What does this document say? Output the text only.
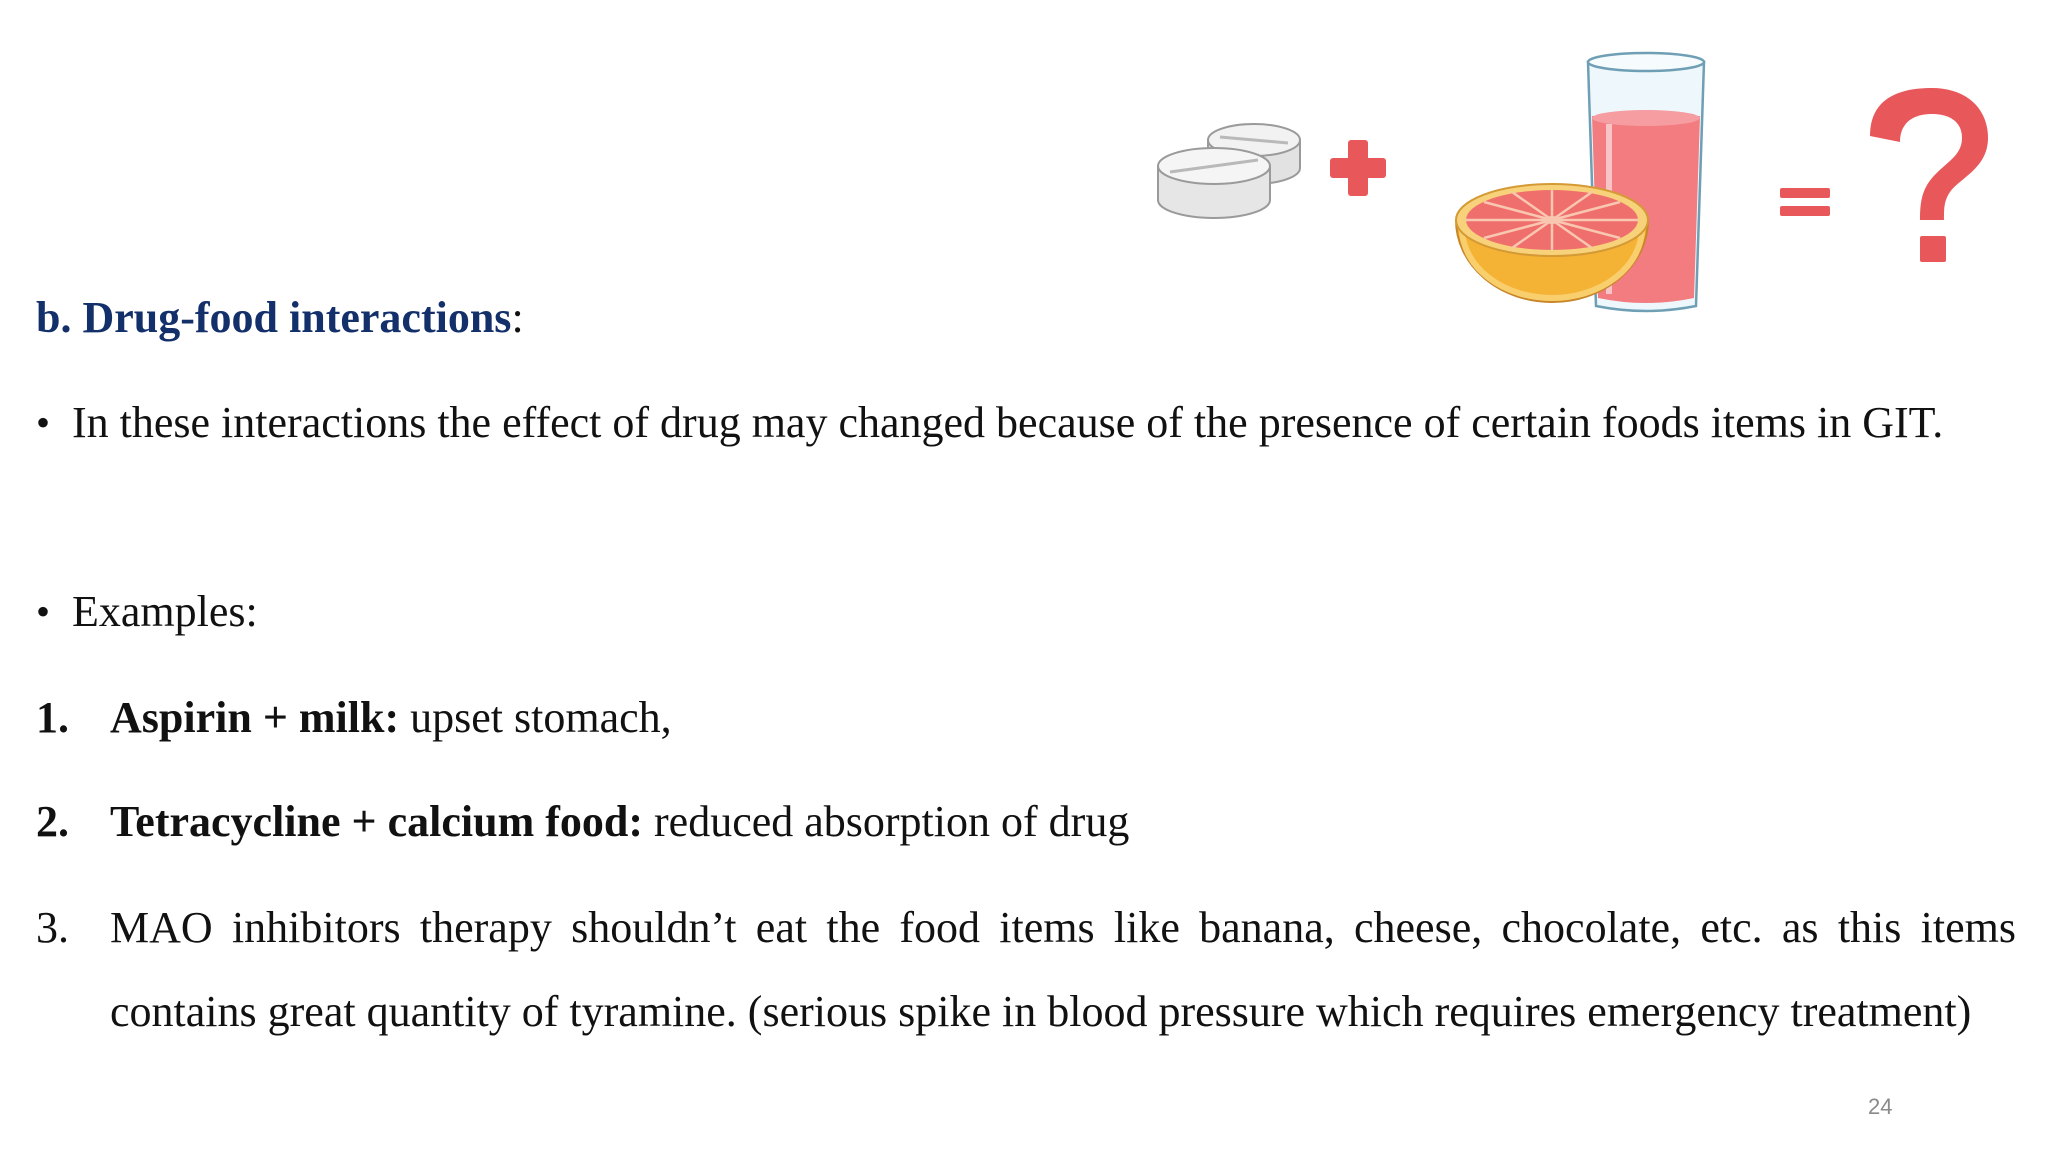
b. Drug-food interactions:
• In these interactions the effect of drug may changed because of the presence of certain foods items in GIT.
• Examples:
1. Aspirin + milk: upset stomach,
2. Tetracycline + calcium food: reduced absorption of drug
3. MAO inhibitors therapy shouldn’t eat the food items like banana, cheese, chocolate, etc. as this items contains great quantity of tyramine. (serious spike in blood pressure which requires emergency treatment)
24
